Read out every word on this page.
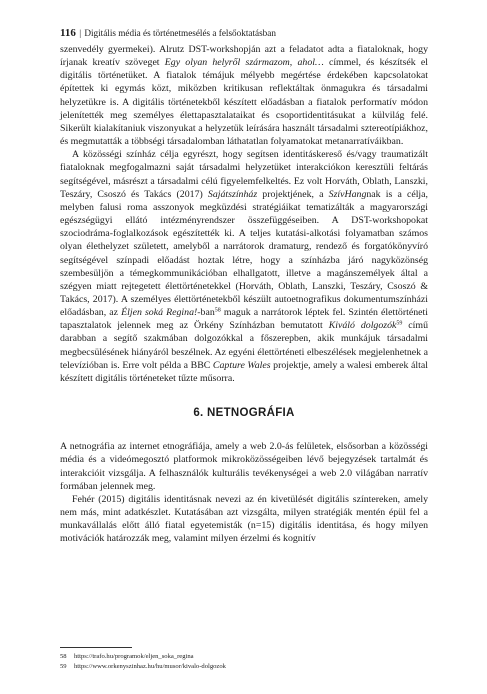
116 | Digitális média és történetmesélés a felsőoktatásban

szenvedély gyermekei). Alrutz DST-workshopján azt a feladatot adta a fiataloknak, hogy írjanak kreatív szöveget Egy olyan helyről származom, ahol… címmel, és készítsék el digitális történetüket. A fiatalok témájuk mélyebb megértése érdekében kapcsolatokat építettek ki egymás közt, miközben kritikusan reflektáltak önmagukra és társadalmi helyzetükre is. A digitális történetekből készített előadásban a fiatalok performatív módon jelenítették meg személyes élettapasztalataikat és csoportidentitásukat a külvilág felé. Sikerült kialakítaniuk viszonyukat a helyzetük leírására használt társadalmi sztereotípiákhoz, és megmutatták a többségi társadalomban láthatatlan folyamatokat metanarratíváikban.

A közösségi színház célja egyrészt, hogy segítsen identitáskereső és/vagy traumatizált fiataloknak megfogalmazni saját társadalmi helyzetüket interakciókon keresztüli feltárás segítségével, másrészt a társadalmi célú figyelemfelkeltés. Ez volt Horváth, Oblath, Lanszki, Teszáry, Csoszó és Takács (2017) Sajátszínház projektjének, a SzívHangnak is a célja, melyben falusi roma asszonyok megküzdési stratégiáikat tematizálták a magyarországi egészségügyi ellátó intézményrendszer összefüggéseiben. A DST-workshopokat szociodráma-foglalkozások egészítették ki. A teljes kutatási-alkotási folyamatban számos olyan élethelyzet született, amelyből a narrátorok dramaturg, rendező és forgatókönyvíró segítségével színpadi előadást hoztak létre, hogy a színházba járó nagyközönség szembesüljön a témegkommunikációban elhallgatott, illetve a magánszemélyek által a szégyen miatt rejtegetett élettörténetekkel (Horváth, Oblath, Lanszki, Teszáry, Csoszó & Takács, 2017). A személyes élettörténetekből készült autoetnografikus dokumentumszínházi előadásban, az Éljen soká Regina!-ban$^{58}$ maguk a narrátorok léptek fel. Szintén élettörténeti tapasztalatok jelennek meg az Örkény Színházban bemutatott Kiváló dolgozók$^{59}$ című darabban a segítő szakmában dolgozókkal a főszerepben, akik munkájuk társadalmi megbecsülésének hiányáról beszélnek. Az egyéni élettörténeti elbeszélések megjelenhetnek a televízióban is. Erre volt példa a BBC Capture Wales projektje, amely a walesi emberek által készített digitális történeteket tűzte műsorra.

6. NETNOGRÁFIA

A netnográfia az internet etnográfiája, amely a web 2.0-ás felületek, elsősorban a közösségi média és a videómegosztó platformok mikroközösségeiben lévő bejegyzések tartalmát és interakcióit vizsgálja. A felhasználók kulturális tevékenységei a web 2.0 világában narratív formában jelennek meg.

Fehér (2015) digitális identitásnak nevezi az én kivetülését digitális színtereken, amely nem más, mint adatkészlet. Kutatásában azt vizsgálta, milyen stratégiák mentén épül fel a munkavállalás előtt álló fiatal egyetemisták (n=15) digitális identitása, és hogy milyen motivációk határozzák meg, valamint milyen érzelmi és kognitív

58 https://trafo.hu/programok/eljen_soka_regina
59 https://www.orkenyszinhaz.hu/hu/musor/kivalo-dolgozok
